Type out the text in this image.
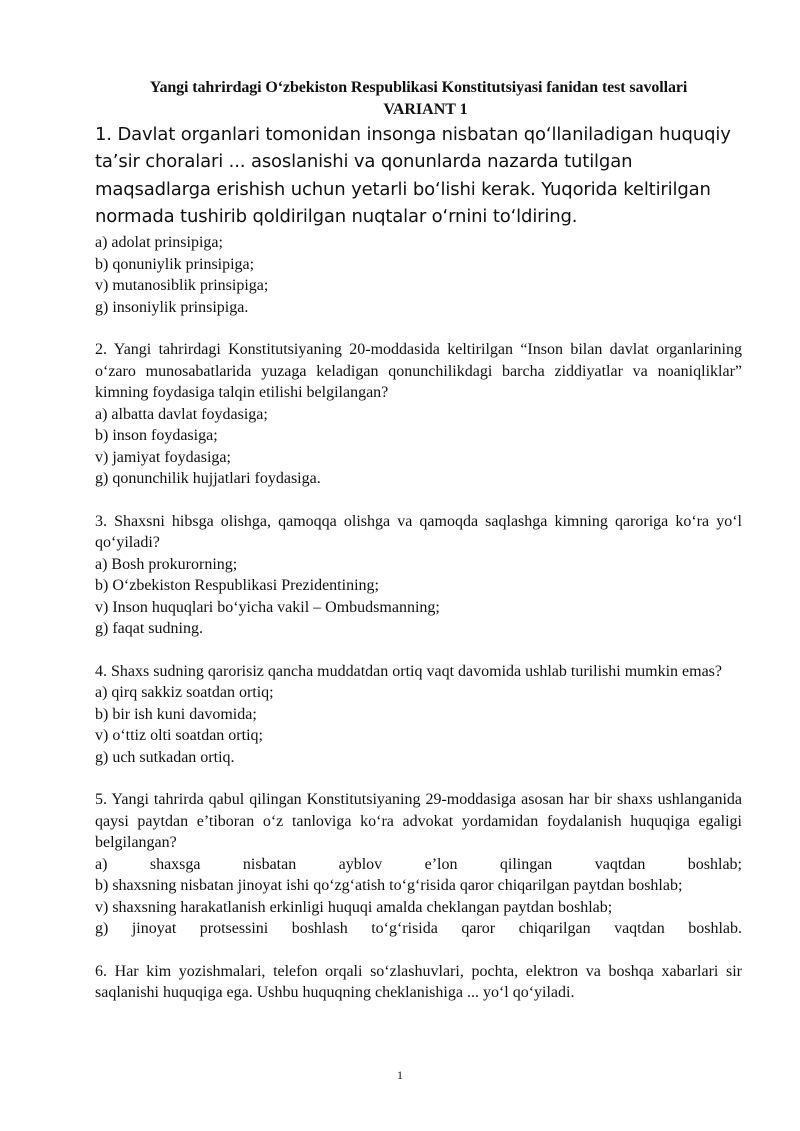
Yangi tahrirdagi O‘zbekiston Respublikasi Konstitutsiyasi fanidan test savollari

VARIANT 1

1. Davlat organlari tomonidan insonga nisbatan qo‘llaniladigan huquqiy ta’sir choralari ... asoslanishi va qonunlarda nazarda tutilgan maqsadlarga erishish uchun yetarli bo‘lishi kerak. Yuqorida keltirilgan normada tushirib qoldirilgan nuqtalar o‘rnini to‘ldiring.

a) adolat prinsipiga;

b) qonuniylik prinsipiga;

v) mutanosiblik prinsipiga;

g) insoniylik prinsipiga.

2. Yangi tahrirdagi Konstitutsiyaning 20-moddasida keltirilgan “Inson bilan davlat organlarining o‘zaro munosabatlarida yuzaga keladigan qonunchilikdagi barcha ziddiyatlar va noaniqliklar” kimning foydasiga talqin etilishi belgilangan?

a) albatta davlat foydasiga;

b) inson foydasiga;

v) jamiyat foydasiga;

g) qonunchilik hujjatlari foydasiga.

3. Shaxsni hibsga olishga, qamoqqa olishga va qamoqda saqlashga kimning qaroriga ko‘ra yo‘l qo‘yiladi?

a) Bosh prokurorning;

b) O‘zbekiston Respublikasi Prezidentining;

v) Inson huquqlari bo‘yicha vakil – Ombudsmanning;

g) faqat sudning.

4. Shaxs sudning qarorisiz qancha muddatdan ortiq vaqt davomida ushlab turilishi mumkin emas?

a) qirq sakkiz soatdan ortiq;

b) bir ish kuni davomida;

v) o‘ttiz olti soatdan ortiq;

g) uch sutkadan ortiq.

5. Yangi tahrirda qabul qilingan Konstitutsiyaning 29-moddasiga asosan har bir shaxs ushlanganida qaysi paytdan e’tiboran o‘z tanloviga ko‘ra advokat yordamidan foydalanish huquqiga egaligi belgilangan?

a) shaxsga nisbatan ayblov e’lon qilingan vaqtdan boshlab;

b) shaxsning nisbatan jinoyat ishi qo‘zg‘atish to‘g‘risida qaror chiqarilgan paytdan boshlab;

v) shaxsning harakatlanish erkinligi huquqi amalda cheklangan paytdan boshlab;

g) jinoyat protsessini boshlash to‘g‘risida qaror chiqarilgan vaqtdan boshlab.

6. Har kim yozishmalari, telefon orqali so‘zlashuvlari, pochta, elektron va boshqa xabarlari sir saqlanishi huquqiga ega. Ushbu huquqning cheklanishiga ... yo‘l qo‘yiladi.

1
